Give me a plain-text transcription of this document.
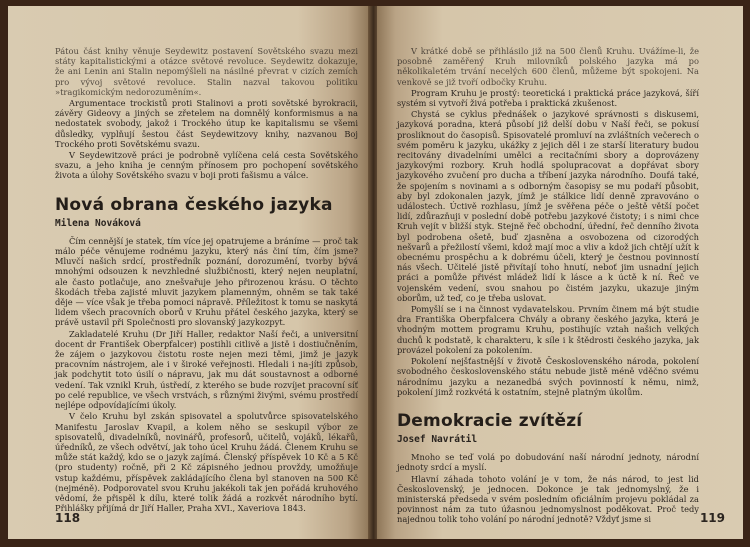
Pátou část knihy věnuje Seydewitz postavení Sovětského svazu mezi státy kapitalistickými a otázce světové revoluce. Seydewitz dokazuje, že ani Lenin ani Stalin nepomýšleli na násilné převrat v cizích zemích pro vývoj světové revoluce. Stalin nazval takovou politiku »tragikomickým nedorozuměním«.

Argumentace trockistů proti Stalinovi a proti sovětské byrokracii, závěry Gideovy a jiných se zřetelem na domnělý konformismus a na nedostatek svobody, jakož i Trockého útup ke kapitalismu se všemi důsledky, vyplňují šestou část Seydewitzovy knihy, nazvanou Boj Trockého proti Sovětskému svazu.

V Seydewitzově práci je podrobně vylíčena celá cesta Sovětského svazu, a jeho kniha je cenným přínosem pro pochopení sovětského života a úlohy Sovětského svazu v boji proti fašismu a válce.

Nová obrana českého jazyka
Milena Nováková

Čím cennější je statek, tím více jej opatrujeme a bráníme — proč tak málo péče věnujeme rodnému jazyku, který nás činí tím, čím jsme? Mluvčí našich srdcí, prostředník poznání, dorozumění, tvorby bývá mnohými odsouzen k nevzhledné službičnosti, který nejen neuplatní, ale často potlačuje, ano znešvařuje jeho přirozenou krásu. O těchto škodách třeba zajisté mluvit jazykem plamenným, ohněm se tak také děje — více však je třeba pomoci nápravě. Příležitost k tomu se naskytá lidem všech pracovních oborů v Kruhu přátel českého jazyka, který se právě ustavil při Společnosti pro slovanský jazykozpyt.

Zakladatelé Kruhu (Dr Jiří Haller, redaktor Naší řeči, a universitní docent dr František Oberpfalcer) postihli citlivě a jistě i dostiučněním, že zájem o jazykovou čistotu roste nejen mezi těmi, jimž je jazyk pracovním nástrojem, ale i v široké veřejnosti. Hledali i na-jíti způsob, jak podchytit toto úsilí o nápravu, jak mu dát soustavnost a odborné vedení. Tak vznikl Kruh, ústředí, z kterého se bude rozvíjet pracovní síť po celé republice, ve všech vrstvách, s různými živými, svému prostředí nejlépe odpovídajícími úkoly.

V čelo Kruhu byl zskán spisovatel a spolutvůrce spisovatelského Manifestu Jaroslav Kvapil, a kolem něho se seskupil výbor ze spisovatelů, divadelníků, novinářů, profesorů, učitelů, vojáků, lékařů, úředníků, ze všech odvětví, jak toho úcel Kruhu žádá. Členem Kruhu se může stát každý, kdo se o jazyk zajímá. Členský příspěvek 10 Kč a 5 Kč (pro studenty) ročně, při 2 Kč zápisného jednou provždy, umožňuje vstup každému, příspěvek zakládajícího člena byl stanoven na 500 Kč (nejméně). Podporovatel svou Kruhu jakékoli tak jen pořádá kruhového vědomí, že přispěl k dílu, které tolik žádá a rozkvět národního bytí. Přihlášky přijímá dr Jiří Haller, Praha XVI., Xaveriova 1843.

118

V krátké době se přihlásilo již na 500 členů Kruhu. Uvážíme-li, že posobně zaměřený Kruh milovníků polského jazyka má po několikaletém trvání necelých 600 členů, můžeme být spokojeni. Na venkově se již tvoří odbočky Kruhu.

Program Kruhu je prostý: teoretická i praktická práce jazyková, šíří systém si vytvoří živá potřeba i praktická zkušenost.

Chystá se cyklus přednášek o jazykové správnosti s diskusemi, jazyková poradna, která působí již delší dobu v Naší řeči, se pokusí prosliknout do časopisů. Spisovatelé promluví na zvláštních večerech o svém poměru k jazyku, ukážky z jejich děl i ze starší literatury budou recitovány divadelními umělci a recitačními sbory a doprovázeny jazykovými rozbory. Kruh hodlá spolupracovat a dopřávat sbory jazykového zvučení pro ducha a tříbení jazyka národního. Doufá také, že spojením s novinami a s odborným časopisy se mu podaří působit, aby byl zdokonalen jazyk, jímž je stálkice lidí denně zpravováno o událostech. Úctivě rozhlasu, jímž je svěřena péče o ještě větší počet lidí, zdůrazňuji v poslední době potřebu jazykové čistoty; i s nimi chce Kruh vejít v bližší styk. Stejně řeč obchodní, úřední, řeč denního života byl podrobena ošetě, buď zjasněna a osvobozena od cizorodých nešvarů a přežilostí všemi, kdož mají moc a vliv a kdož jich chtějí užít k obecnému prospěchu a k dobrému účeli, který je čestnou povinností nás všech. Učitelé jistě přivítají toho hnutí, neboť jim usnadní jejich práci a pomůže přivést mládež lidí k lásce a k úctě k ní. Řeč ve vojenském vedení, svou snahou po čistém jazyku, ukazuje jiným oborům, už teď, co je třeba uslovat.

Pomyšlí se i na činnost vydavatelskou. Prvním činem má být studie dra Františka Oberpfalcera Chvály a obrany českého jazyka, která je vhodným mottem programu Kruhu, postihujíc vztah našich velkých duchů k podstatě, k charakteru, k síle i k štědrosti českého jazyka, jak provázel pokolení za pokolením.

Pokolení nejšťastnější v životě Československého národa, pokolení svobodného československého státu nebude jistě méně vděčno svému národnímu jazyku a nezanedbá svých povinností k němu, nimž, pokolení jimž rozkvétá k ostatním, stejně platným úkolům.

Demokracie zvítězí
Josef Navrátil

Mnoho se teď volá po dobudování naší národní jednoty, národní jednoty srdcí a myslí.

Hlavní záhada tohoto volání je v tom, že nás národ, to jest lid Československý, je jednocen. Dokonce je tak jednomyslný, že i ministerská předseda v svém posledním oficiálním projevu pokládal za povinnost nám za tuto úžasnou jednomyslnost poděkovat. Proč tedy najednou tolik toho volání po národní jednotě? Vždyť jsme si	119
